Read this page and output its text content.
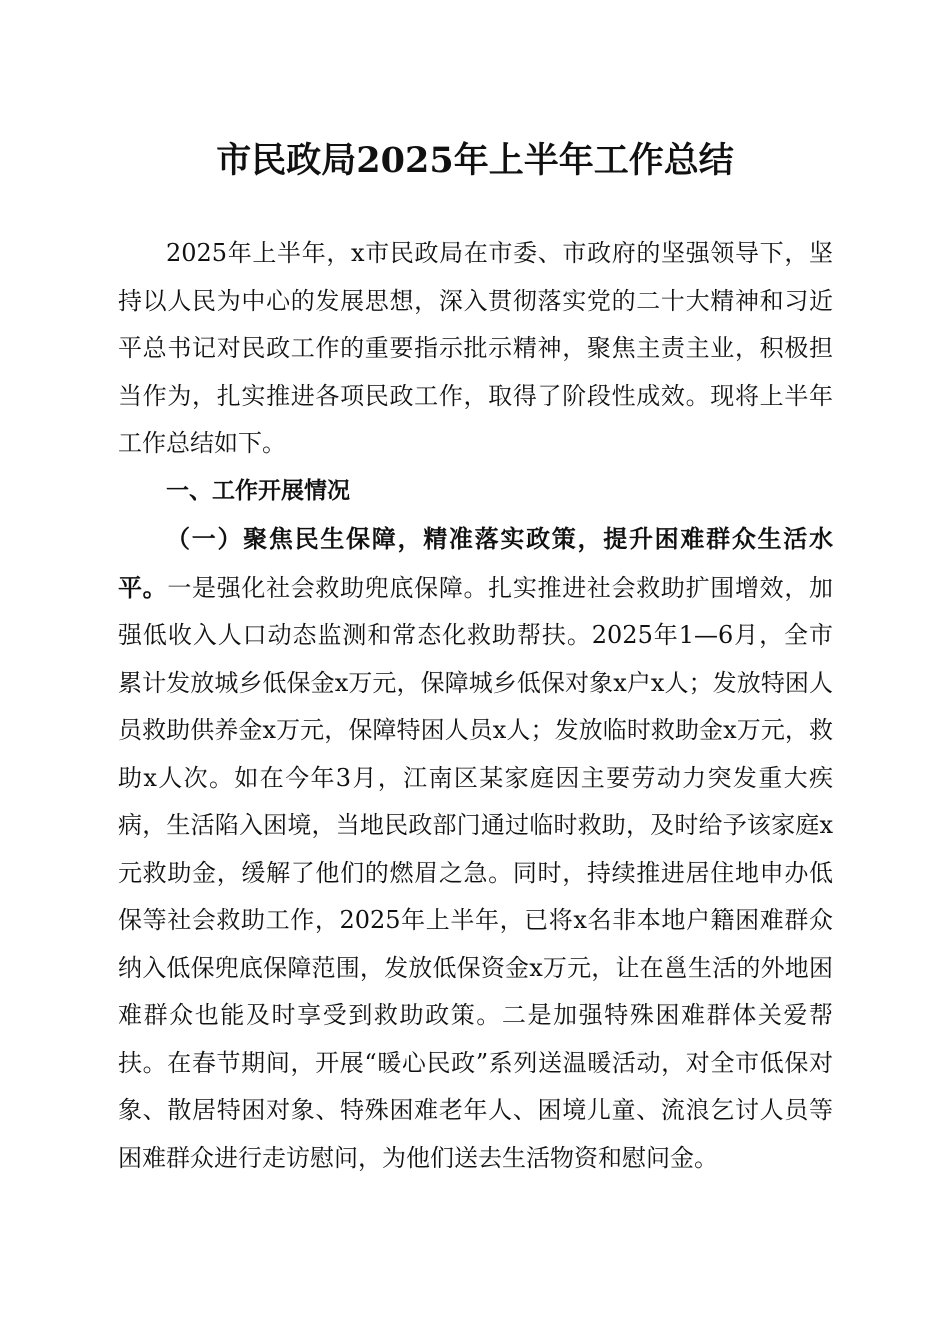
市民政局2025年上半年工作总结

2025年上半年，x市民政局在市委、市政府的坚强领导下，坚持以人民为中心的发展思想，深入贯彻落实党的二十大精神和习近平总书记对民政工作的重要指示批示精神，聚焦主责主业，积极担当作为，扎实推进各项民政工作，取得了阶段性成效。现将上半年工作总结如下。

一、工作开展情况

（一）聚焦民生保障，精准落实政策，提升困难群众生活水平。一是强化社会救助兜底保障。扎实推进社会救助扩围增效，加强低收入人口动态监测和常态化救助帮扶。2025年1—6月，全市累计发放城乡低保金x万元，保障城乡低保对象x户x人；发放特困人员救助供养金x万元，保障特困人员x人；发放临时救助金x万元，救助x人次。如在今年3月，江南区某家庭因主要劳动力突发重大疾病，生活陷入困境，当地民政部门通过临时救助，及时给予该家庭x元救助金，缓解了他们的燃眉之急。同时，持续推进居住地申办低保等社会救助工作，2025年上半年，已将x名非本地户籍困难群众纳入低保兜底保障范围，发放低保资金x万元，让在邕生活的外地困难群众也能及时享受到救助政策。二是加强特殊困难群体关爱帮扶。在春节期间，开展“暖心民政”系列送温暖活动，对全市低保对象、散居特困对象、特殊困难老年人、困境儿童、流浪乞讨人员等困难群众进行走访慰问，为他们送去生活物资和慰问金。
